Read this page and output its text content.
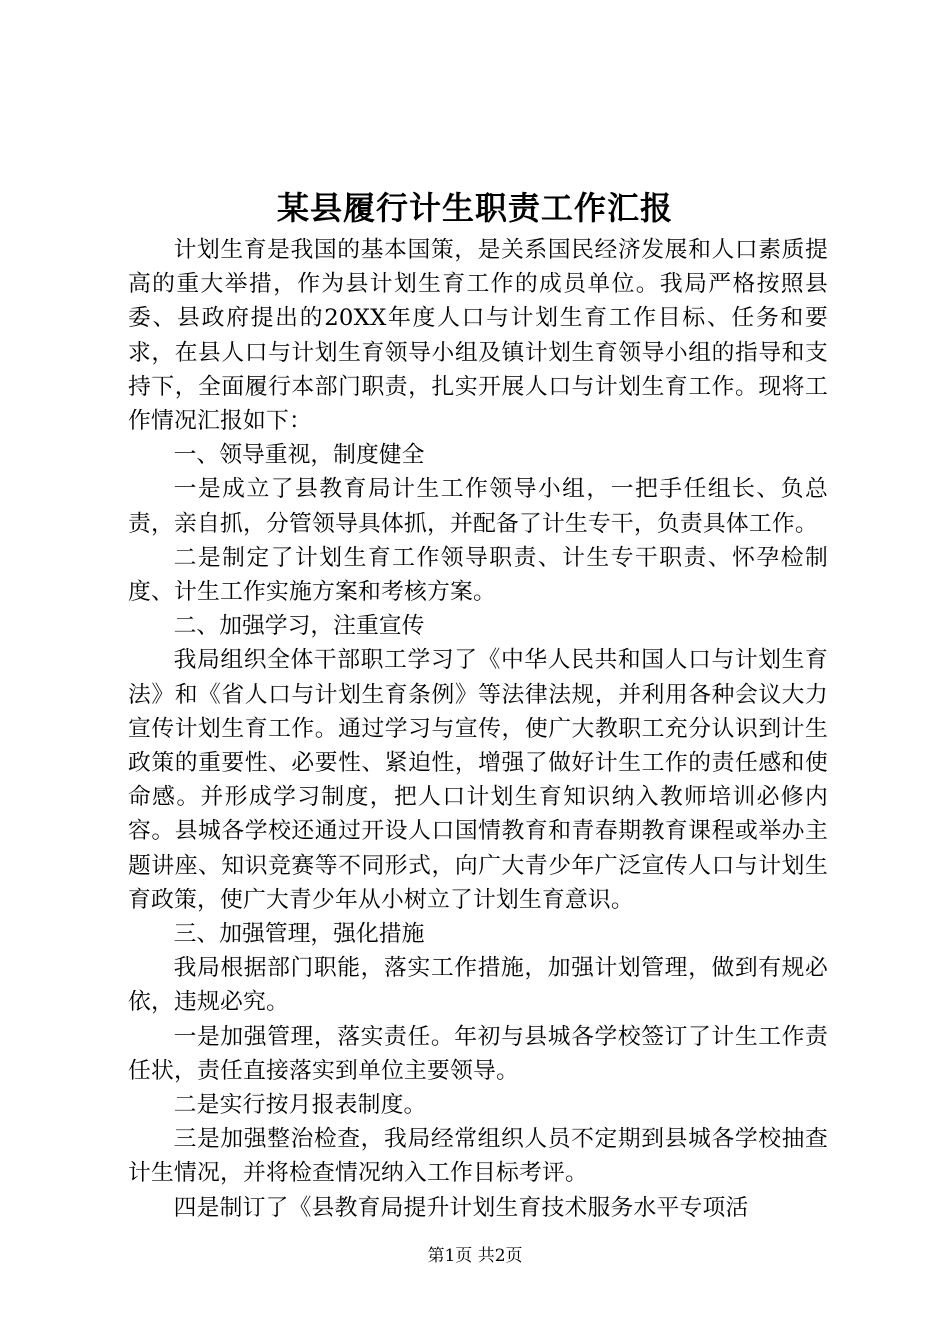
某县履行计生职责工作汇报

计划生育是我国的基本国策，是关系国民经济发展和人口素质提高的重大举措，作为县计划生育工作的成员单位。我局严格按照县委、县政府提出的20XX年度人口与计划生育工作目标、任务和要求，在县人口与计划生育领导小组及镇计划生育领导小组的指导和支持下，全面履行本部门职责，扎实开展人口与计划生育工作。现将工作情况汇报如下：

一、领导重视，制度健全

一是成立了县教育局计生工作领导小组，一把手任组长、负总责，亲自抓，分管领导具体抓，并配备了计生专干，负责具体工作。

二是制定了计划生育工作领导职责、计生专干职责、怀孕检制度、计生工作实施方案和考核方案。

二、加强学习，注重宣传

我局组织全体干部职工学习了《中华人民共和国人口与计划生育法》和《省人口与计划生育条例》等法律法规，并利用各种会议大力宣传计划生育工作。通过学习与宣传，使广大教职工充分认识到计生政策的重要性、必要性、紧迫性，增强了做好计生工作的责任感和使命感。并形成学习制度，把人口计划生育知识纳入教师培训必修内容。县城各学校还通过开设人口国情教育和青春期教育课程或举办主题讲座、知识竞赛等不同形式，向广大青少年广泛宣传人口与计划生育政策，使广大青少年从小树立了计划生育意识。

三、加强管理，强化措施

我局根据部门职能，落实工作措施，加强计划管理，做到有规必依，违规必究。

一是加强管理，落实责任。年初与县城各学校签订了计生工作责任状，责任直接落实到单位主要领导。

二是实行按月报表制度。

三是加强整治检查，我局经常组织人员不定期到县城各学校抽查计生情况，并将检查情况纳入工作目标考评。

四是制订了《县教育局提升计划生育技术服务水平专项活

第1页 共2页
